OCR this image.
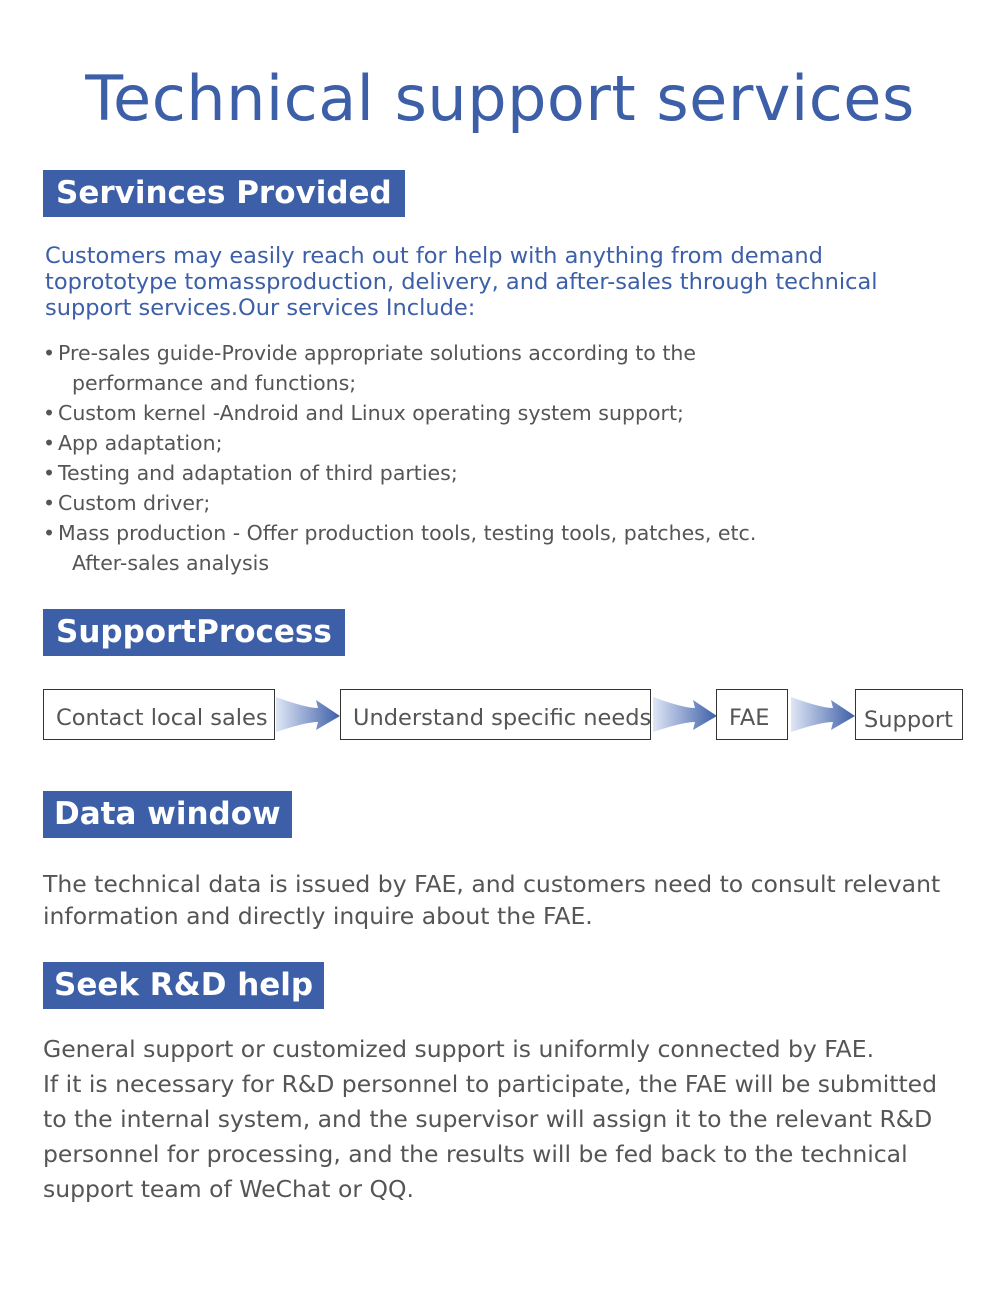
Technical support services
Servinces Provided

Customers may easily reach out for help with anything from demand toprototype tomassproduction, delivery, and after-sales through technical support services.Our services Include:

• Pre-sales guide-Provide appropriate solutions according to the
performance and functions;
• Custom kernel -Android and Linux operating system support;
• App adaptation;
• Testing and adaptation of third parties;
• Custom driver;
• Mass production - Offer production tools, testing tools, patches, etc.
After-sales analysis
SupportProcess
Contact local sales	Understand specific needs	FAE	Support
Data window

The technical data is issued by FAE, and customers need to consult relevant information and directly inquire about the FAE.

Seek R&D help
General support or customized support is uniformly connected by FAE.
If it is necessary for R&D personnel to participate, the FAE will be submitted to the internal system, and the supervisor will assign it to the relevant R&D personnel for processing, and the results will be fed back to the technical support team of WeChat or QQ.
